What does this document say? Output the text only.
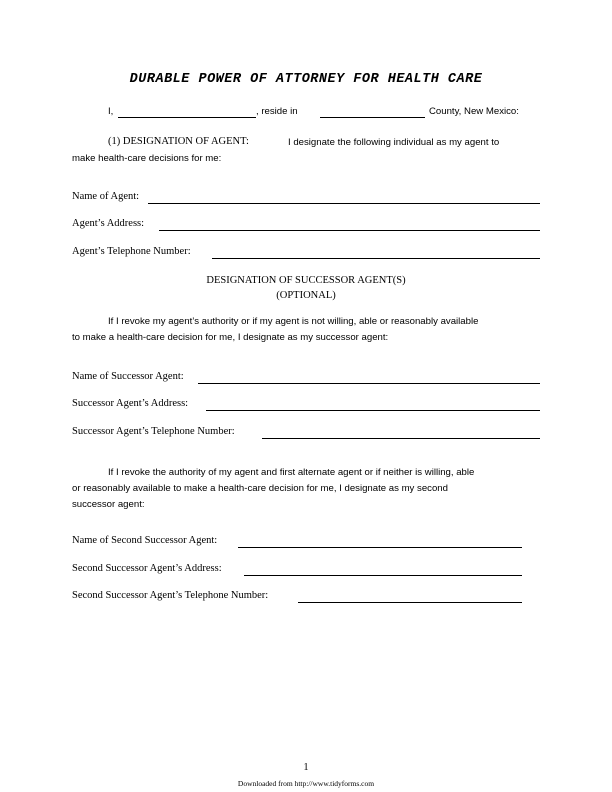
DURABLE POWER OF ATTORNEY FOR HEALTH CARE
I,	, reside in	County, New Mexico:
(1) DESIGNATION OF AGENT:	I designate the following individual as my agent to
make health-care decisions for me:
Name of Agent:
Agent’s Address:
Agent’s Telephone Number:
DESIGNATION OF SUCCESSOR AGENT(S)
(OPTIONAL)
If I revoke my agent’s authority or if my agent is not willing, able or reasonably available
to make a health-care decision for me, I designate as my successor agent:
Name of Successor Agent:
Successor Agent’s Address:
Successor Agent’s Telephone Number:
If I revoke the authority of my agent and first alternate agent or if neither is willing, able
or reasonably available to make a health-care decision for me, I designate as my second
successor agent:
Name of Second Successor Agent:
Second Successor Agent’s Address:
Second Successor Agent’s Telephone Number:
1
Downloaded from http://www.tidyforms.com
